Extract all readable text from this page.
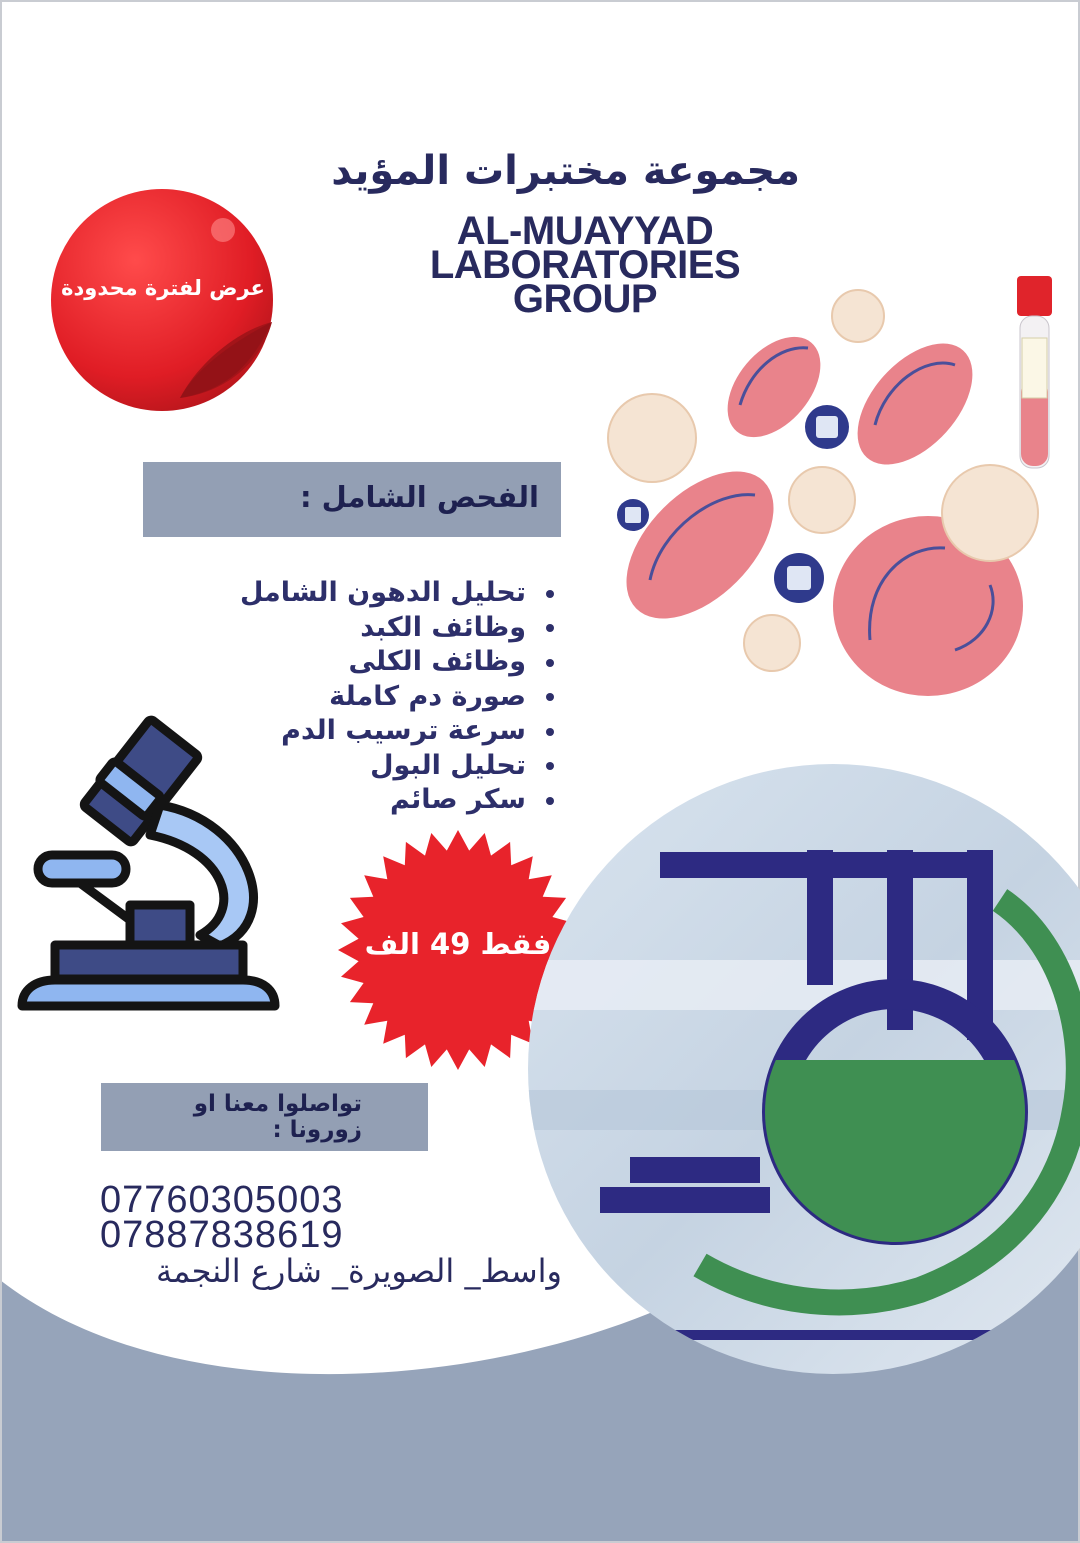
مجموعة مختبرات المؤيد
AL-MUAYYAD
LABORATORIES
GROUP
عرض لفترة محدودة
الفحص الشامل :
تحليل الدهون الشامل
وظائف الكبد
وظائف الكلى
صورة دم كاملة
سرعة ترسيب الدم
تحليل البول
سكر صائم
فقط 49 الف
تواصلوا معنا او زورونا :
07760305003
07887838619
واسط_ الصويرة_ شارع النجمة
